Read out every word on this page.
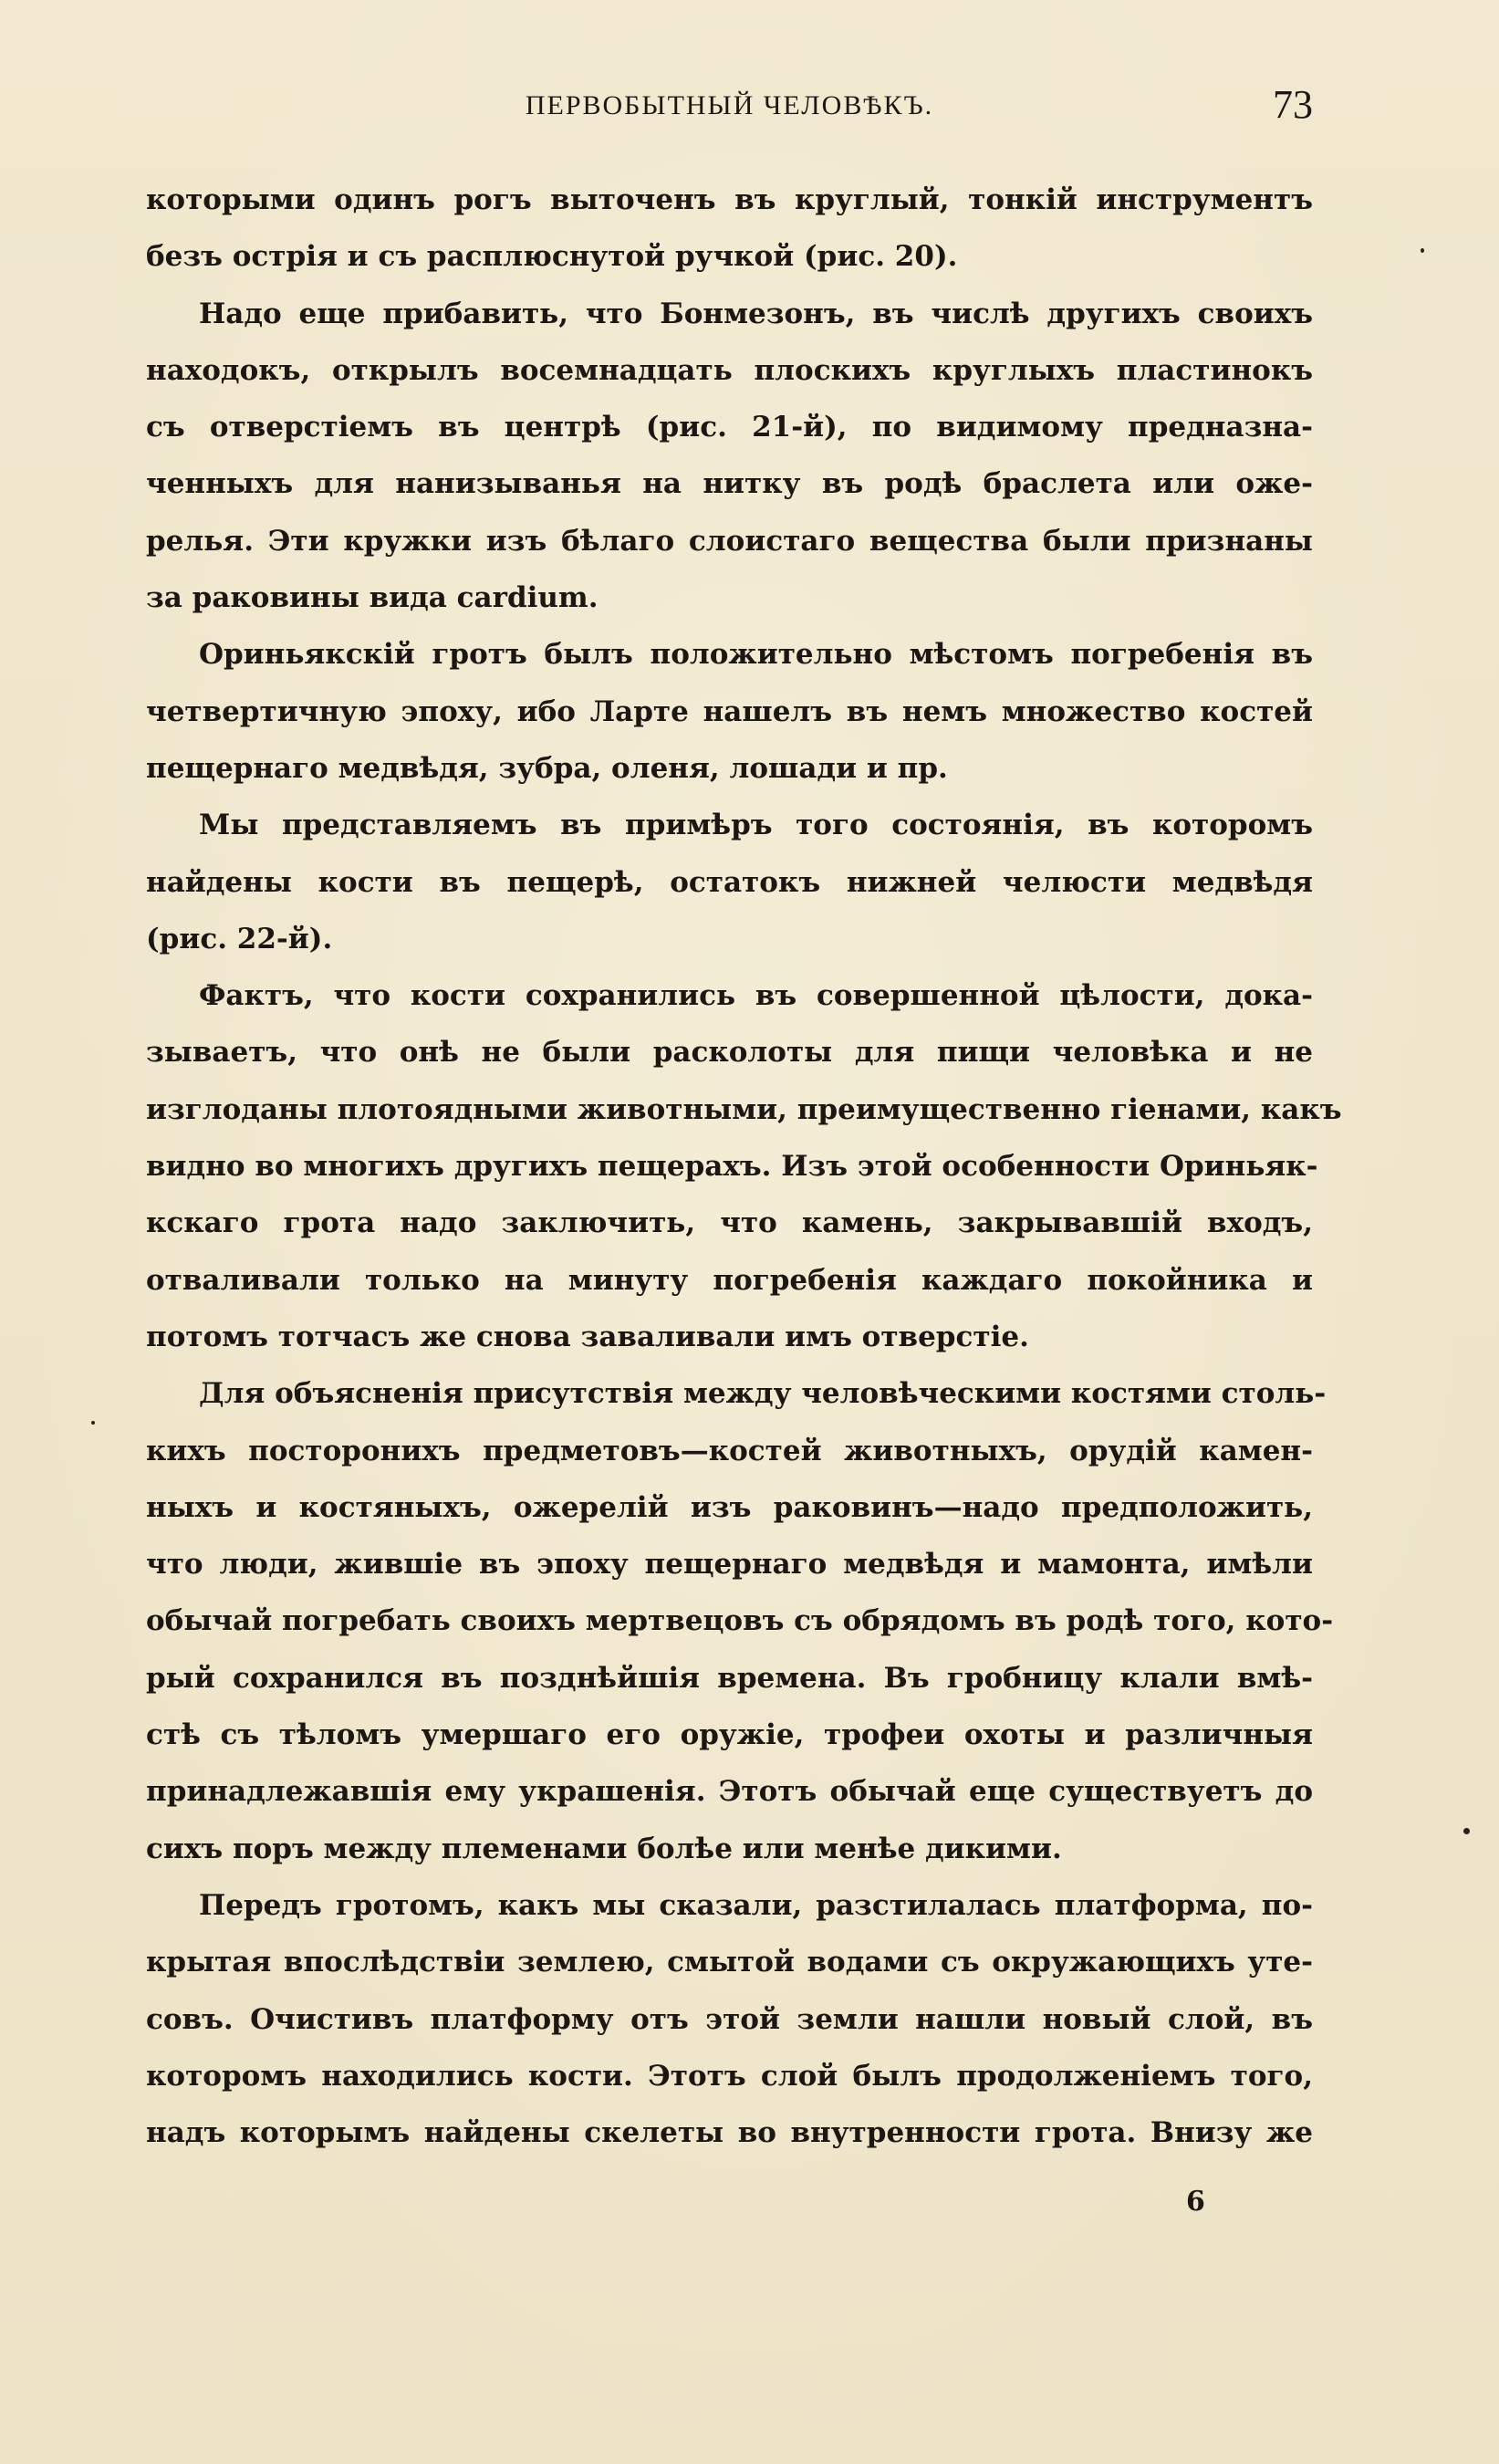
ПЕРВОБЫТНЫЙ ЧЕЛОВѢКЪ.	73
которыми одинъ рогъ выточенъ въ круглый, тонкій инструментъ
безъ острія и съ расплюснутой ручкой (рис. 20).
Надо еще прибавить, что Бонмезонъ, въ числѣ другихъ своихъ
находокъ, открылъ восемнадцать плоскихъ круглыхъ пластинокъ
съ отверстіемъ въ центрѣ (рис. 21-й), по видимому предназна-
ченныхъ для нанизыванья на нитку въ родѣ браслета или оже-
релья. Эти кружки изъ бѣлаго слоистаго вещества были признаны
за раковины вида cardium.
Ориньякскій гротъ былъ положительно мѣстомъ погребенія въ
четвертичную эпоху, ибо Ларте нашелъ въ немъ множество костей
пещернаго медвѣдя, зубра, оленя, лошади и пр.
Мы представляемъ въ примѣръ того состоянія, въ которомъ
найдены кости въ пещерѣ, остатокъ нижней челюсти медвѣдя
(рис. 22-й).
Фактъ, что кости сохранились въ совершенной цѣлости, дока-
зываетъ, что онѣ не были расколоты для пищи человѣка и не
изглоданы плотоядными животными, преимущественно гіенами, какъ
видно во многихъ другихъ пещерахъ. Изъ этой особенности Ориньяк-
кскаго грота надо заключить, что камень, закрывавшій входъ,
отваливали только на минуту погребенія каждаго покойника и
потомъ тотчасъ же снова заваливали имъ отверстіе.
Для объясненія присутствія между человѣческими костями столь-
кихъ посторонихъ предметовъ—костей животныхъ, орудій камен-
ныхъ и костяныхъ, ожерелій изъ раковинъ—надо предположить,
что люди, жившіе въ эпоху пещернаго медвѣдя и мамонта, имѣли
обычай погребать своихъ мертвецовъ съ обрядомъ въ родѣ того, кото-
рый сохранился въ позднѣйшія времена. Въ гробницу клали вмѣ-
стѣ съ тѣломъ умершаго его оружіе, трофеи охоты и различныя
принадлежавшія ему украшенія. Этотъ обычай еще существуетъ до
сихъ поръ между племенами болѣе или менѣе дикими.
Передъ гротомъ, какъ мы сказали, разстилалась платформа, по-
крытая впослѣдствіи землею, смытой водами съ окружающихъ уте-
совъ. Очистивъ платформу отъ этой земли нашли новый слой, въ
которомъ находились кости. Этотъ слой былъ продолженіемъ того,
надъ которымъ найдены скелеты во внутренности грота. Внизу же
6
